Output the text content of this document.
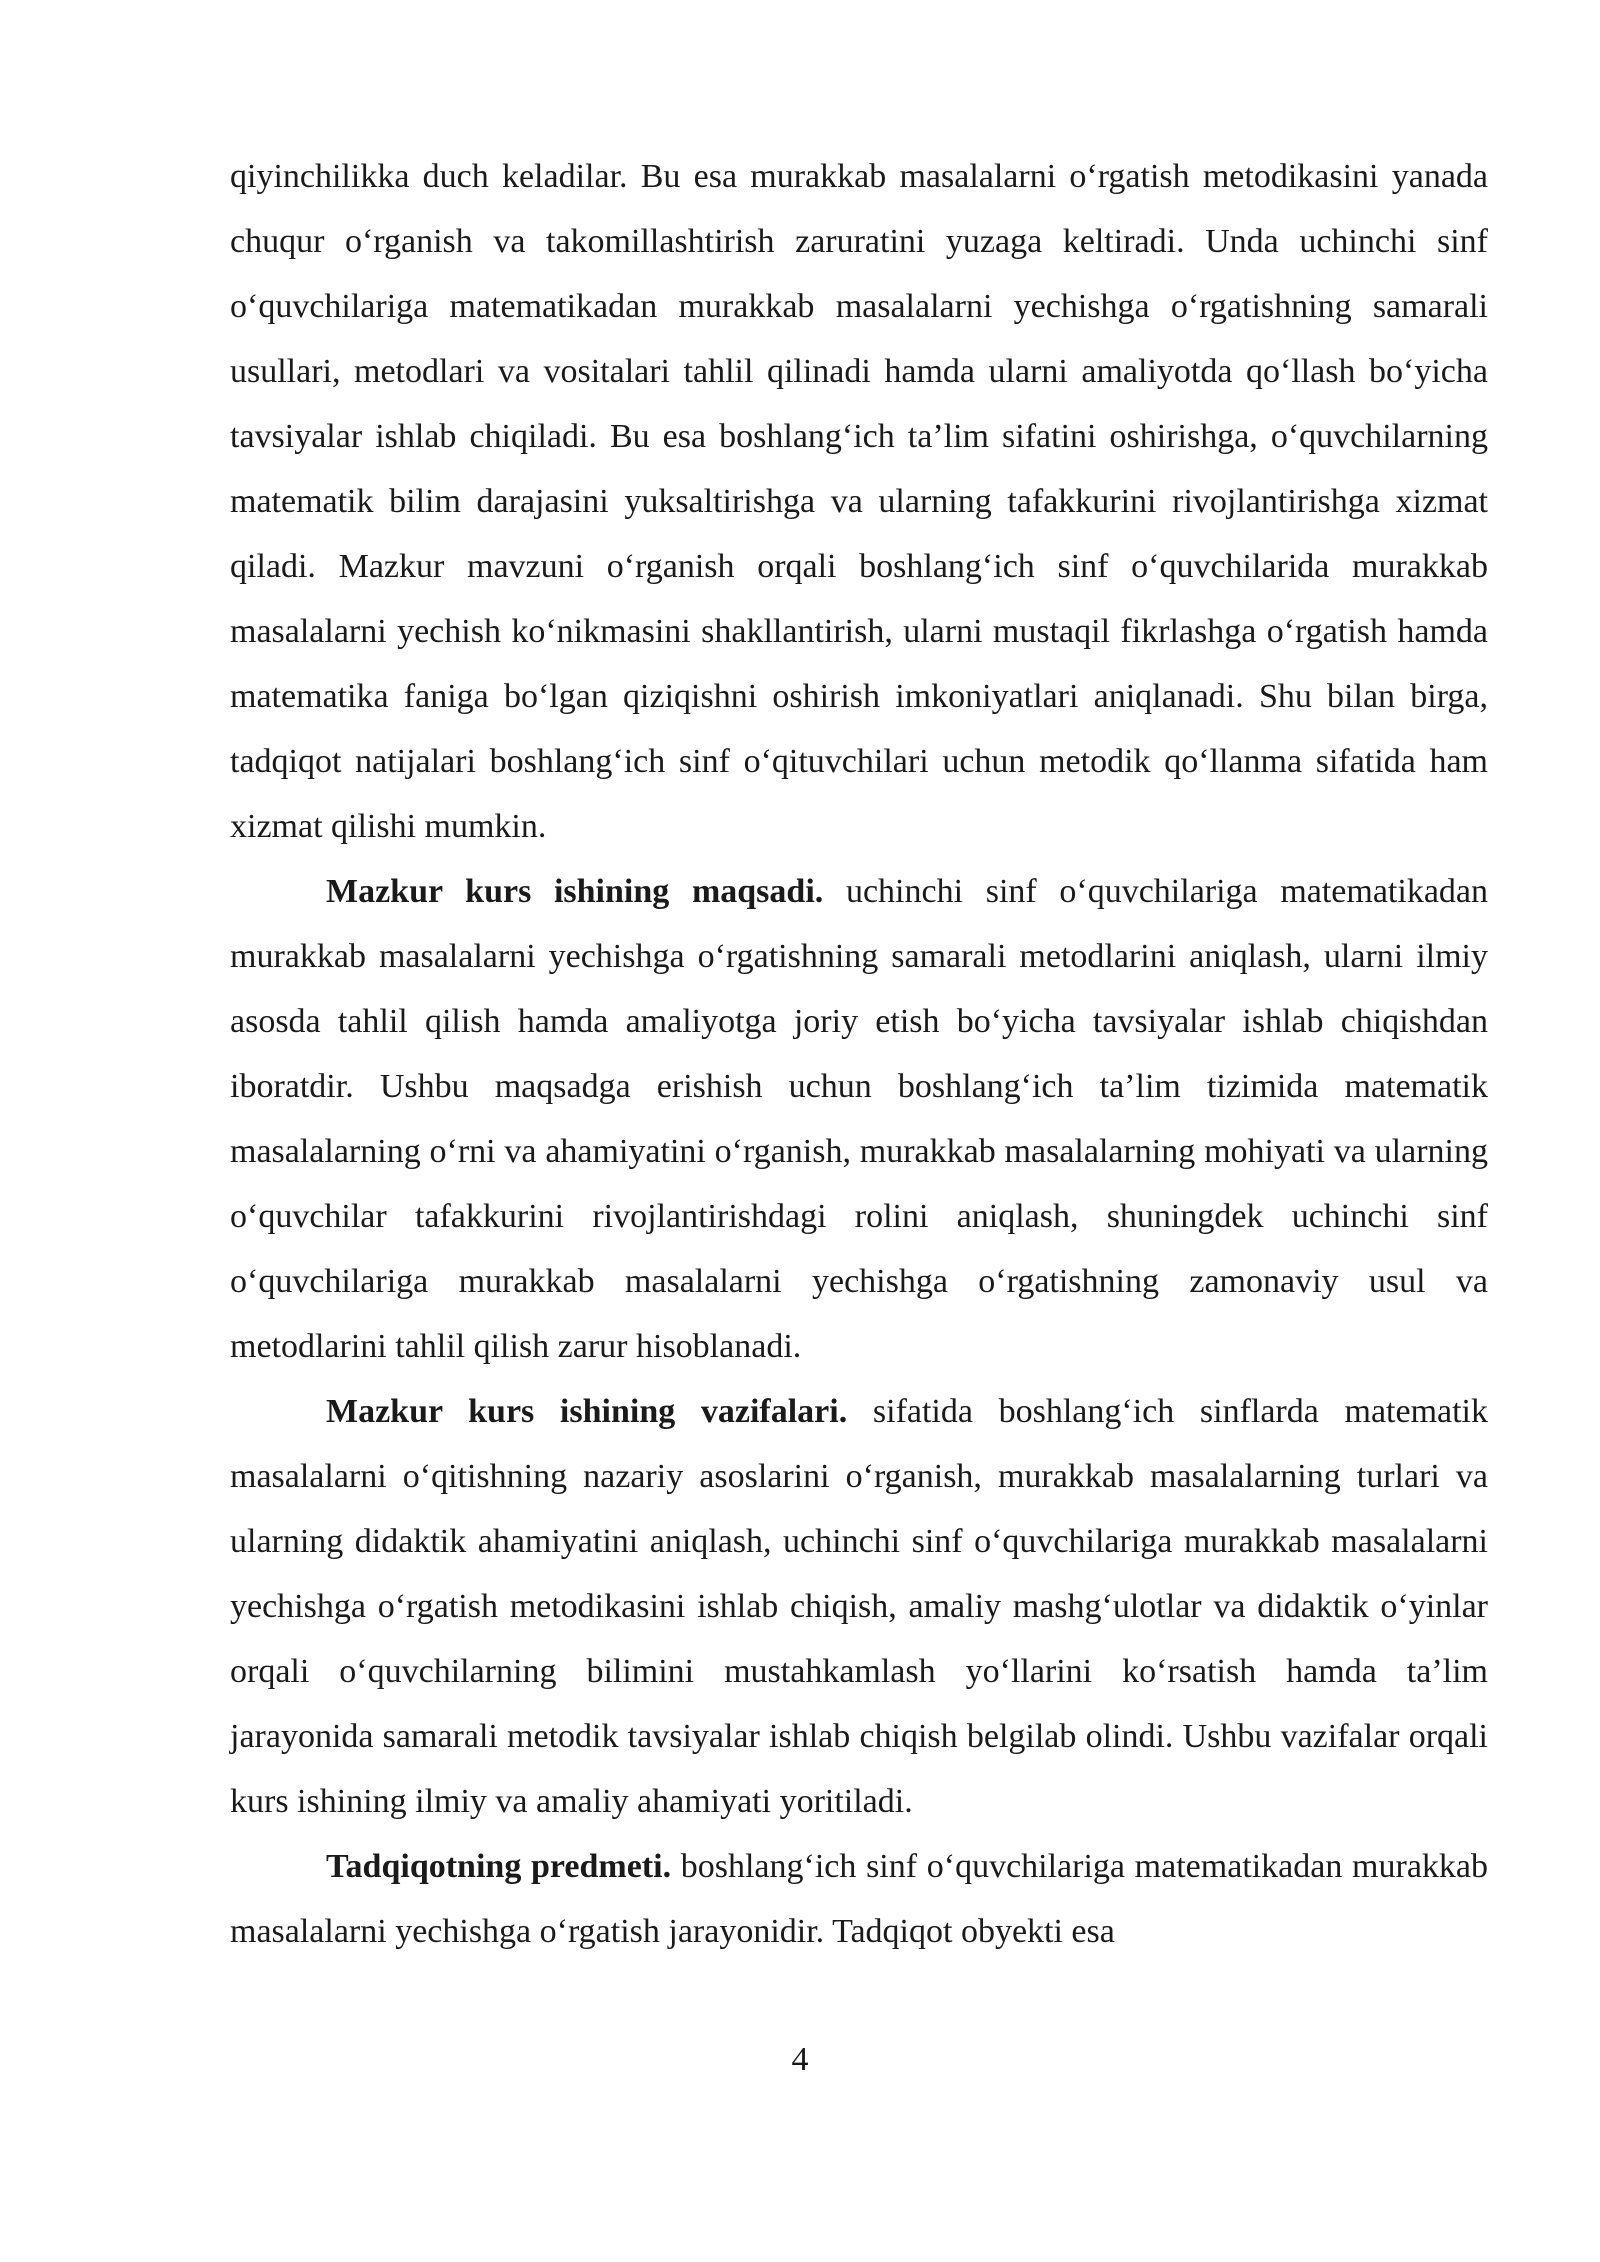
qiyinchilikka duch keladilar. Bu esa murakkab masalalarni o‘rgatish metodikasini yanada chuqur o‘rganish va takomillashtirish zaruratini yuzaga keltiradi. Unda uchinchi sinf o‘quvchilariga matematikadan murakkab masalalarni yechishga o‘rgatishning samarali usullari, metodlari va vositalari tahlil qilinadi hamda ularni amaliyotda qo‘llash bo‘yicha tavsiyalar ishlab chiqiladi. Bu esa boshlang‘ich ta’lim sifatini oshirishga, o‘quvchilarning matematik bilim darajasini yuksaltirishga va ularning tafakkurini rivojlantirishga xizmat qiladi. Mazkur mavzuni o‘rganish orqali boshlang‘ich sinf o‘quvchilarida murakkab masalalarni yechish ko‘nikmasini shakllantirish, ularni mustaqil fikrlashga o‘rgatish hamda matematika faniga bo‘lgan qiziqishni oshirish imkoniyatlari aniqlanadi. Shu bilan birga, tadqiqot natijalari boshlang‘ich sinf o‘qituvchilari uchun metodik qo‘llanma sifatida ham xizmat qilishi mumkin.

Mazkur kurs ishining maqsadi. uchinchi sinf o‘quvchilariga matematikadan murakkab masalalarni yechishga o‘rgatishning samarali metodlarini aniqlash, ularni ilmiy asosda tahlil qilish hamda amaliyotga joriy etish bo‘yicha tavsiyalar ishlab chiqishdan iboratdir. Ushbu maqsadga erishish uchun boshlang‘ich ta’lim tizimida matematik masalalarning o‘rni va ahamiyatini o‘rganish, murakkab masalalarning mohiyati va ularning o‘quvchilar tafakkurini rivojlantirishdagi rolini aniqlash, shuningdek uchinchi sinf o‘quvchilariga murakkab masalalarni yechishga o‘rgatishning zamonaviy usul va metodlarini tahlil qilish zarur hisoblanadi.

Mazkur kurs ishining vazifalari. sifatida boshlang‘ich sinflarda matematik masalalarni o‘qitishning nazariy asoslarini o‘rganish, murakkab masalalarning turlari va ularning didaktik ahamiyatini aniqlash, uchinchi sinf o‘quvchilariga murakkab masalalarni yechishga o‘rgatish metodikasini ishlab chiqish, amaliy mashg‘ulotlar va didaktik o‘yinlar orqali o‘quvchilarning bilimini mustahkamlash yo‘llarini ko‘rsatish hamda ta’lim jarayonida samarali metodik tavsiyalar ishlab chiqish belgilab olindi. Ushbu vazifalar orqali kurs ishining ilmiy va amaliy ahamiyati yoritiladi.

Tadqiqotning predmeti. boshlang‘ich sinf o‘quvchilariga matematikadan murakkab masalalarni yechishga o‘rgatish jarayonidir. Tadqiqot obyekti esa

4
